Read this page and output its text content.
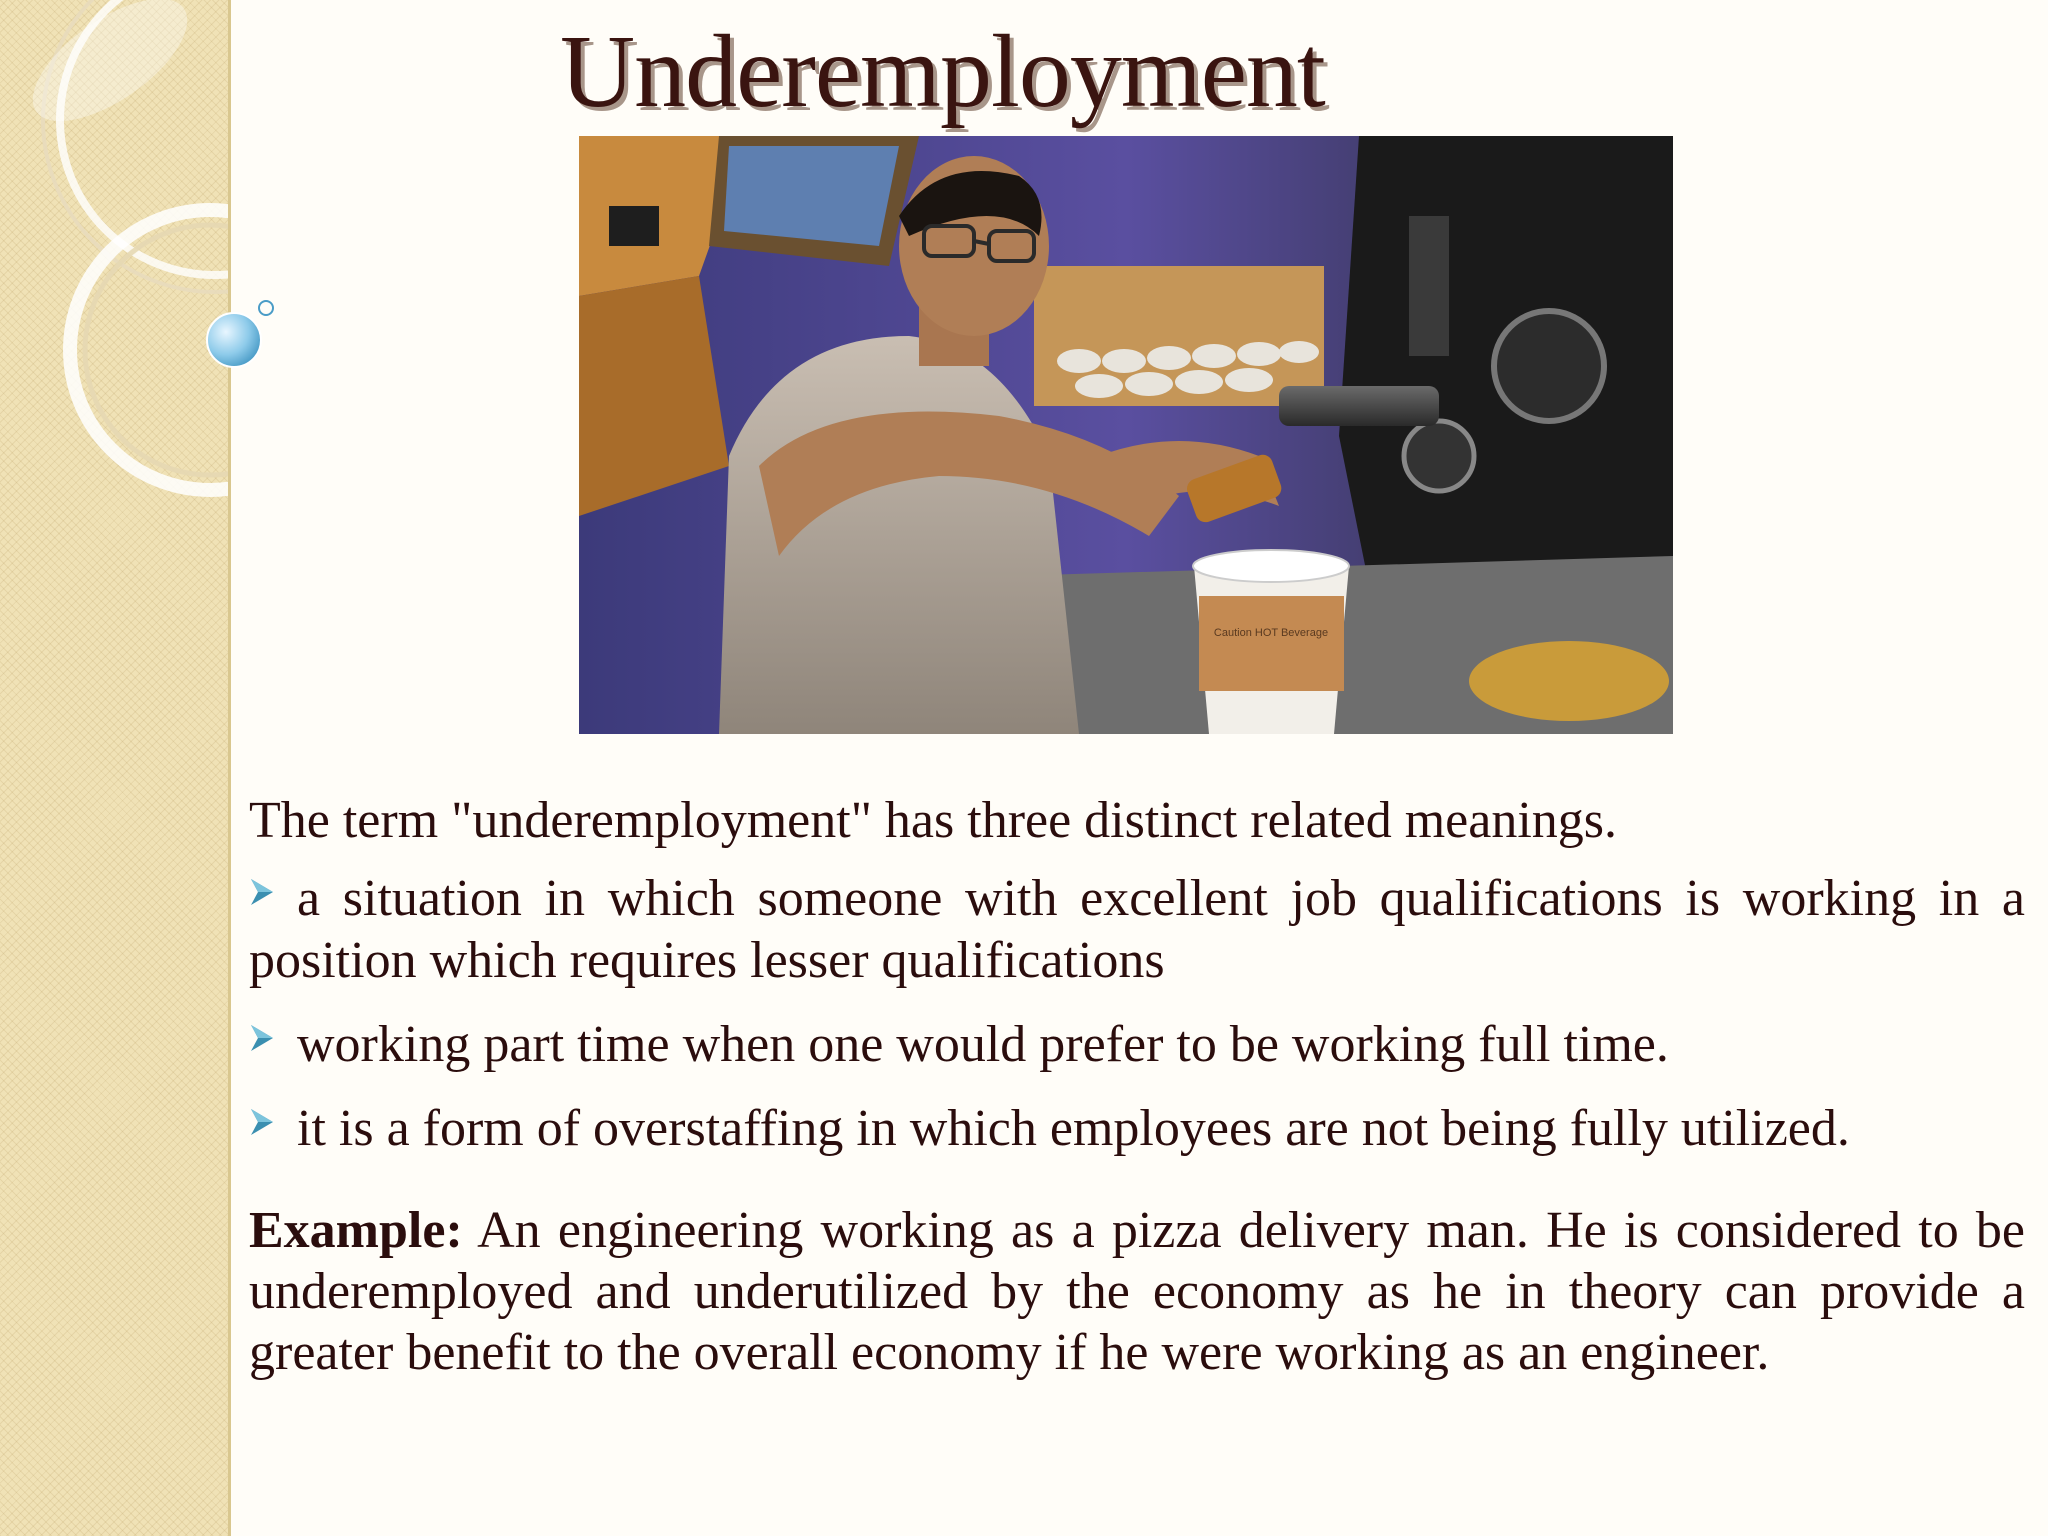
Underemployment
Caution HOT Beverage

The term "underemployment" has three distinct related meanings.

a situation in which someone with excellent job qualifications is working in a position which requires lesser qualifications

working part time when one would prefer to be working full time.

it is a form of overstaffing in which employees are not being fully utilized.

Example: An engineering working as a pizza delivery man. He is considered to be underemployed and underutilized by the economy as he in theory can provide a greater benefit to the overall economy if he were working as an engineer.
